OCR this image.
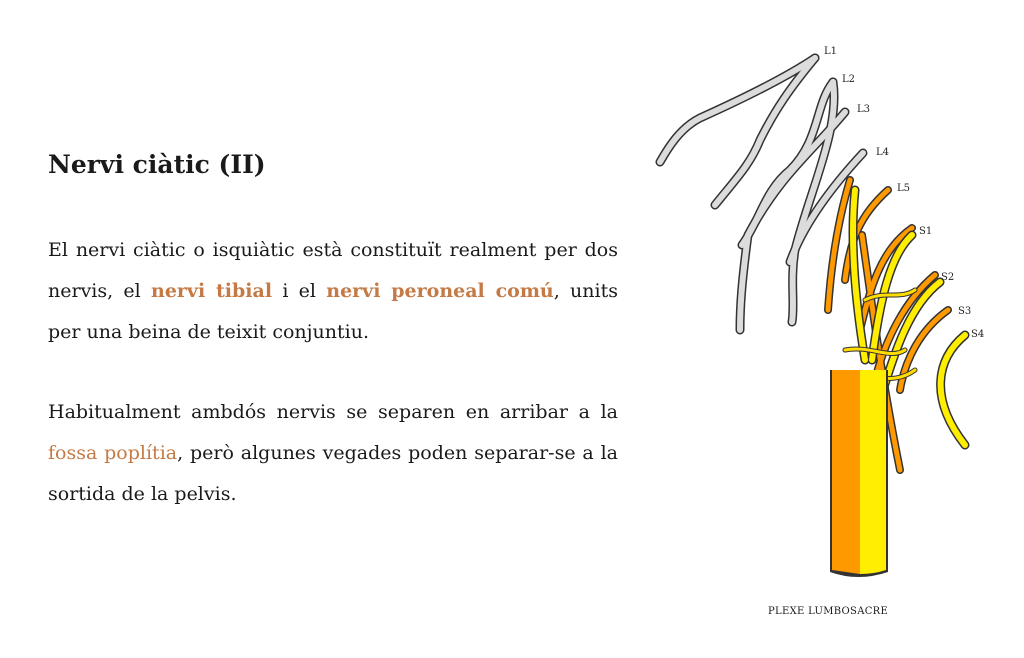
Nervi ciàtic (II)

El nervi ciàtic o isquiàtic està constituït realment per dos nervis, el nervi tibial i el nervi peroneal comú, units per una beina de teixit conjuntiu.

Habitualment ambdós nervis se separen en arribar a la fossa poplítia, però algunes vegades poden separar-se a la sortida de la pelvis.

L1
L2
L3
L4
L5
S1
S2
S3
S4
PLEXE LUMBOSACRE
